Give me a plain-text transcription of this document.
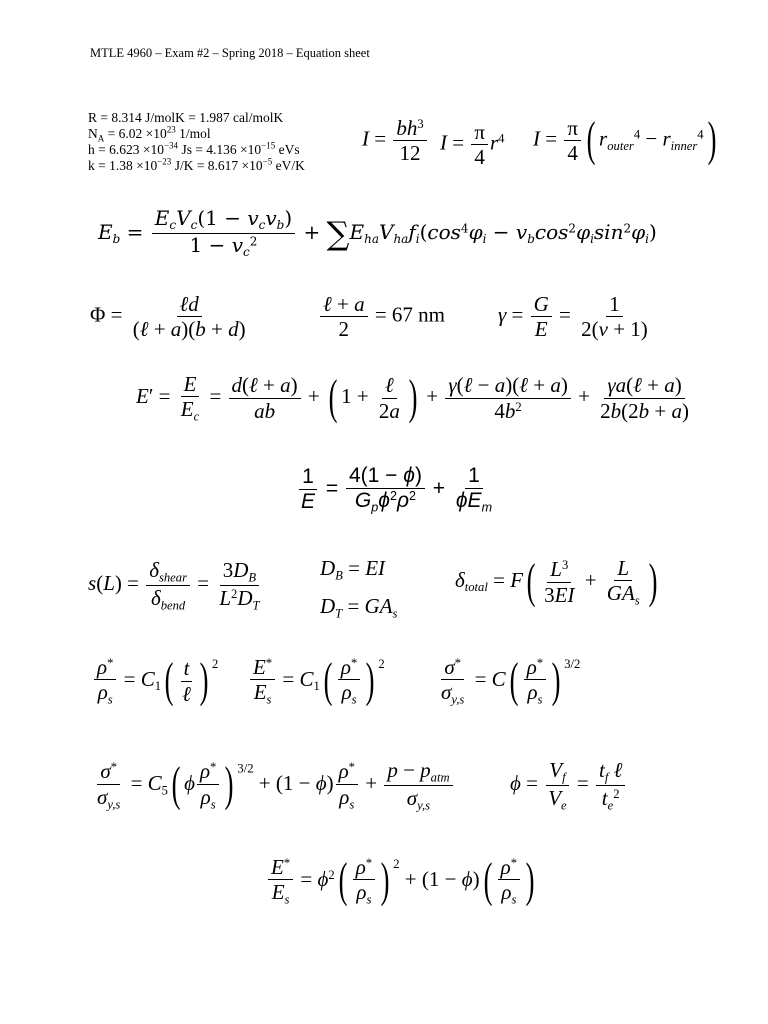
MTLE 4960 – Exam #2 – Spring 2018 – Equation sheet
R = 8.314 J/molK = 1.987 cal/molK
$N_A = 6.02 \times 10^{23}$ 1/mol
$h = 6.623 \times 10^{-34}$ $Js = 4.136 \times 10^{-15}$ eVs
$k = 1.38 \times 10^{-23}$ $J/K = 8.617 \times 10^{-5}$ eV/K
$I = \frac{bh^3}{12}$ $I = \frac{\pi}{4} r^4$ $I = \frac{\pi}{4}$ ( $r_{outer}^4 - r_{inner}^4$)
$E_b = \frac{E_cV_c(1 - v_cv_b)}{1 - v_c^2} + \sum E_{ha}V_{ha}f_i(\cos^4\varphi_i - v_b\cos^2\varphi_i\sin^2\varphi_i)$
$\Phi = \frac{\text{ℓd}}{\text{(ℓ + a)(b + d)}}$	$\frac{\text{ℓ + a}}{2} = 67$ nm	$\gamma = \frac{G}{E} = \frac{1}{2(\nu + 1)}$
$E' = \frac{E}{E_c} = \frac{\text{d(ℓ + a)}}{ab}$ + ( $1 + \frac{\text{ℓ}}{2a}$ ) + $\frac{\text{γ(ℓ − a)(ℓ + a)}}{4b^2} + \frac{\text{γa(ℓ + a)}}{2b(2b + a)}$
$\frac{1}{E} = \frac{4(1 - \phi)}{G_p\phi^2\rho^2} + \frac{1}{\phi E_m}$
$s(L) = \frac{\delta_{shear}}{\delta_{bend}} = \frac{3D_B}{L^2D_T}$	$D_B$ = EI
$D_T = GA_s$
$\delta_{total} = F( \frac{L^3}{3EI} + \frac{L}{GA_s}$ )
$\frac{\rho^*}{\rho_s} = C_1( \frac{t}{\text{ℓ}}$ ) $^2 \frac{E^*}{E_s} = C_1( \frac{\rho^*}{\rho_s}$ ) $^2$	$\frac{\sigma^*}{\sigma_{y,s}} = C( \frac{\rho^*}{\rho_s}$ ) $^{3/2}$
$\frac{\sigma^*}{\sigma_{y,s}} = C_5$( ϕ $\frac{\rho^*}{\rho_s}$ ) $^{3/2} + (1 - \phi) \frac{\rho^*}{\rho_s} + \frac{p - p_{atm}}{\sigma_{y,s}}$	$\phi = \frac{V_f}{V_e} = \frac{t_f \ell}{t_e^2}$
$\frac{E^*}{E_s} = \phi^2( \frac{\rho^*}{\rho_s}$ ) $^2 + (1 - \phi)( \frac{\rho^*}{\rho_s}$ )
